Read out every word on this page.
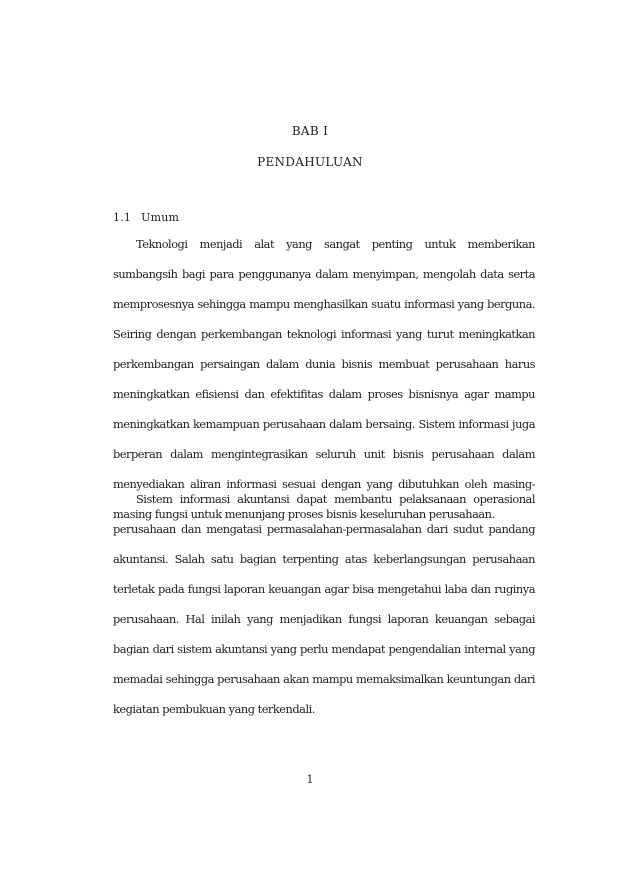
BAB I
PENDAHULUAN
1.1 Umum

Teknologi menjadi alat yang sangat penting untuk memberikan sumbangsih bagi para penggunanya dalam menyimpan, mengolah data serta memprosesnya sehingga mampu menghasilkan suatu informasi yang berguna. Seiring dengan perkembangan teknologi informasi yang turut meningkatkan perkembangan persaingan dalam dunia bisnis membuat perusahaan harus meningkatkan efisiensi dan efektifitas dalam proses bisnisnya agar mampu meningkatkan kemampuan perusahaan dalam bersaing. Sistem informasi juga berperan dalam mengintegrasikan seluruh unit bisnis perusahaan dalam menyediakan aliran informasi sesuai dengan yang dibutuhkan oleh masing-masing fungsi untuk menunjang proses bisnis keseluruhan perusahaan.

Sistem informasi akuntansi dapat membantu pelaksanaan operasional perusahaan dan mengatasi permasalahan-permasalahan dari sudut pandang akuntansi. Salah satu bagian terpenting atas keberlangsungan perusahaan terletak pada fungsi laporan keuangan agar bisa mengetahui laba dan ruginya perusahaan. Hal inilah yang menjadikan fungsi laporan keuangan sebagai bagian dari sistem akuntansi yang perlu mendapat pengendalian internal yang memadai sehingga perusahaan akan mampu memaksimalkan keuntungan dari kegiatan pembukuan yang terkendali.

1
